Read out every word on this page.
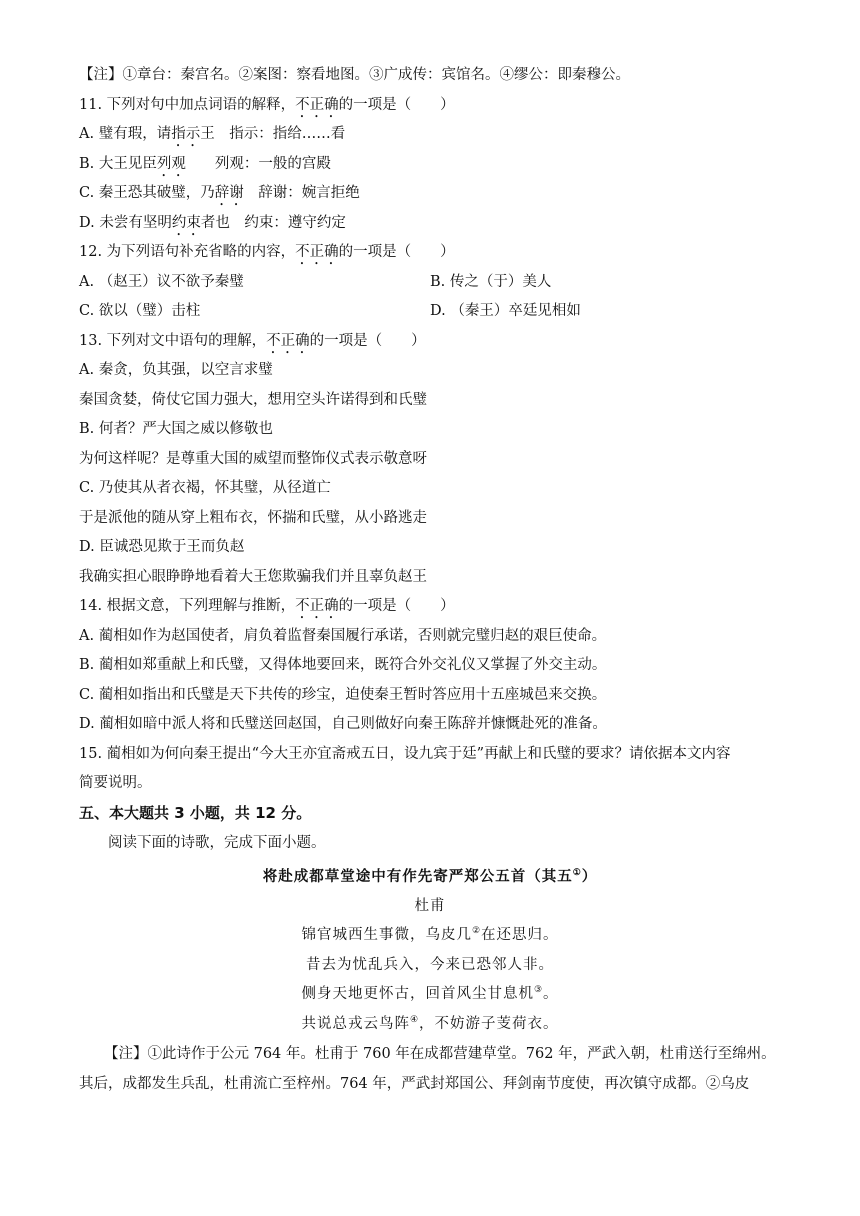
【注】①章台：秦宫名。②案图：察看地图。③广成传：宾馆名。④缪公：即秦穆公。
11. 下列对句中加点词语的解释，不正确的一项是（　　）
A. 璧有瑕，请指示王　指示：指给……看
B. 大王见臣列观　　列观：一般的宫殿
C. 秦王恐其破璧，乃辞谢　辞谢：婉言拒绝
D. 未尝有坚明约束者也　约束：遵守约定
12. 为下列语句补充省略的内容，不正确的一项是（　　）
A. （赵王）议不欲予秦璧	B. 传之（于）美人
C. 欲以（璧）击柱	D. （秦王）卒廷见相如
13. 下列对文中语句的理解，不正确的一项是（　　）
A. 秦贪，负其强，以空言求璧
秦国贪婪，倚仗它国力强大，想用空头许诺得到和氏璧
B. 何者？严大国之威以修敬也
为何这样呢？是尊重大国的威望而整饰仪式表示敬意呀
C. 乃使其从者衣褐，怀其璧，从径道亡
于是派他的随从穿上粗布衣，怀揣和氏璧，从小路逃走
D. 臣诚恐见欺于王而负赵
我确实担心眼睁睁地看着大王您欺骗我们并且辜负赵王
14. 根据文意，下列理解与推断，不正确的一项是（　　）
A. 蔺相如作为赵国使者，肩负着监督秦国履行承诺，否则就完璧归赵的艰巨使命。
B. 蔺相如郑重献上和氏璧，又得体地要回来，既符合外交礼仪又掌握了外交主动。
C. 蔺相如指出和氏璧是天下共传的珍宝，迫使秦王暂时答应用十五座城邑来交换。
D. 蔺相如暗中派人将和氏璧送回赵国，自己则做好向秦王陈辞并慷慨赴死的准备。
15. 蔺相如为何向秦王提出“今大王亦宜斋戒五日，设九宾于廷”再献上和氏璧的要求？请依据本文内容
简要说明。
五、本大题共 3 小题，共 12 分。
阅读下面的诗歌，完成下面小题。
将赴成都草堂途中有作先寄严郑公五首（其五①）
杜甫
锦官城西生事微，乌皮几②在还思归。
昔去为忧乱兵入，今来已恐邻人非。
侧身天地更怀古，回首风尘甘息机③。
共说总戎云鸟阵④，不妨游子芰荷衣。
【注】①此诗作于公元 764 年。杜甫于 760 年在成都营建草堂。762 年，严武入朝，杜甫送行至绵州。
其后，成都发生兵乱，杜甫流亡至梓州。764 年，严武封郑国公、拜剑南节度使，再次镇守成都。②乌皮
